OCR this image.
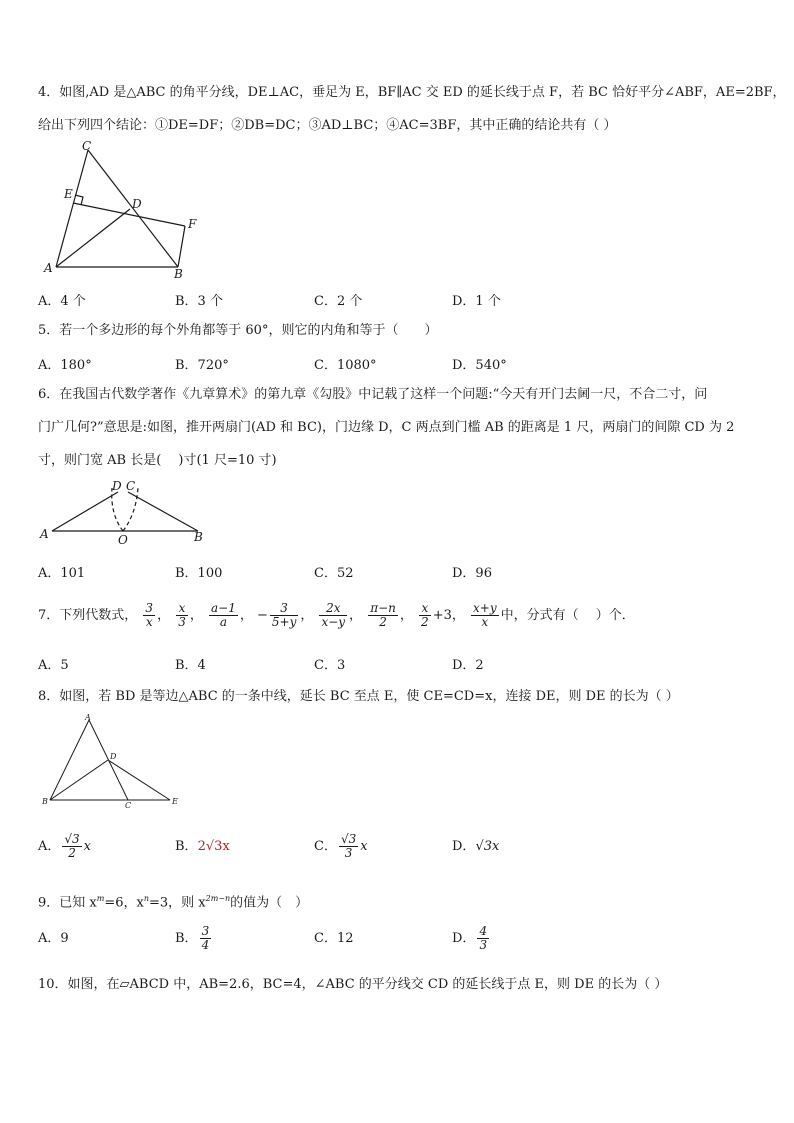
4．如图,AD 是△ABC 的角平分线，DE⊥AC，垂足为 E，BF∥AC 交 ED 的延长线于点 F，若 BC 恰好平分∠ABF，AE=2BF，
给出下列四个结论：①DE=DF；②DB=DC；③AD⊥BC；④AC=3BF，其中正确的结论共有（ ）
C
E
D
F
A	B
A．4 个	B．3 个	C．2 个	D．1 个
5．若一个多边形的每个外角都等于 60°，则它的内角和等于（　　）
A．180°	B．720°	C．1080°	D．540°
6．在我国古代数学著作《九章算术》的第九章《勾股》中记载了这样一个问题:“今天有开门去阃一尺，不合二寸，问
门广几何?”意思是:如图，推开两扇门(AD 和 BC)，门边缘 D，C 两点到门槛 AB 的距离是 1 尺，两扇门的间隙 CD 为 2
寸，则门宽 AB 长是(　 )寸(1 尺=10 寸)
D C
A	O	B
A．101	B．100	C．52	D．96
7．下列代数式， $\frac{3}{x}$ ， $\frac{x}{3}$ ， $\frac{a-1}{a}$ ， − $\frac{3}{5+y}$ ， $\frac{2x}{x-y}$ ， $\frac{\pi-n}{2}$ ， $\frac{x}{2} +3$， $\frac{x+y}{x}$ 中，分式有（　 ）个．
A．5	B．4	C．3	D．2
8．如图，若 BD 是等边△ABC 的一条中线，延长 BC 至点 E，使 CE=CD=x，连接 DE，则 DE 的长为（ ）
A
D
B	C	E
A． $\frac{√3}{2}$ x	B．2√3x	C． $\frac{√3}{3}$ x	D．√3x
9．已知 $x^m=6$，$x^n=3$，则 $x^{2m-n}$的值为（　）
A．9	B． $\frac{3}{4}$	C．12	D． $\frac{4}{3}$
10．如图，在▱ABCD 中，AB=2.6，BC=4，∠ABC 的平分线交 CD 的延长线于点 E，则 DE 的长为（ ）
